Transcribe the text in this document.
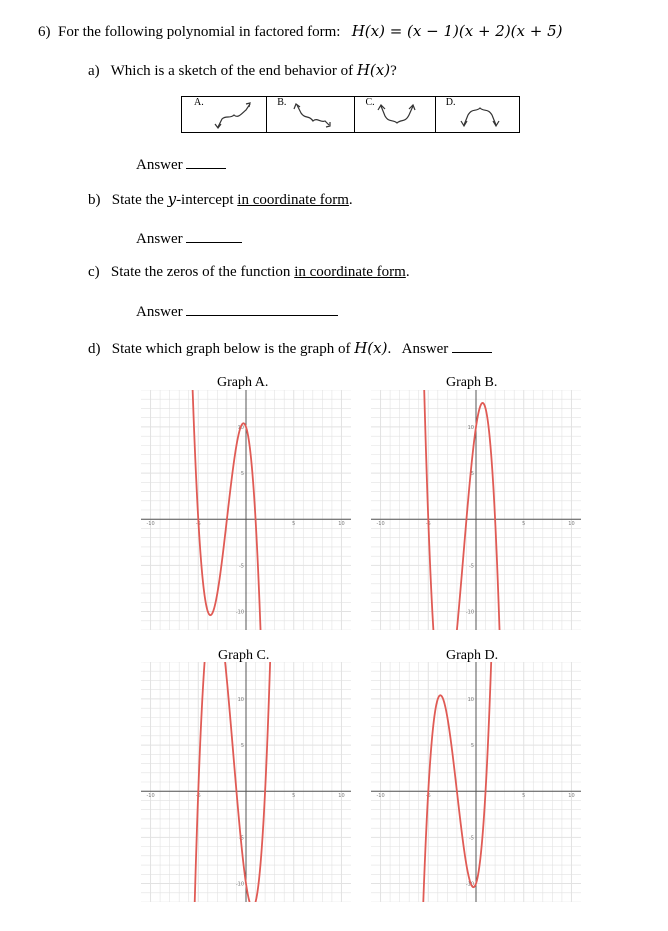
6) For the following polynomial in factored form: H(x) = (x − 1)(x + 2)(x + 5)
a) Which is a sketch of the end behavior of H(x)?
A.	B.	C.	D.
Answer
b) State the y-intercept in coordinate form.
Answer
c) State the zeros of the function in coordinate form.
Answer
d) State which graph below is the graph of H(x). Answer
Graph A.	Graph B.
Graph C.	Graph D.
-10	-5	5	10
10
5
-5
-10
-10	-5	5	10
10
5
-5
-10
-10	-5	5	10
10
5
-5
-10
-10	-5	5	10
10
5
-5
-10
